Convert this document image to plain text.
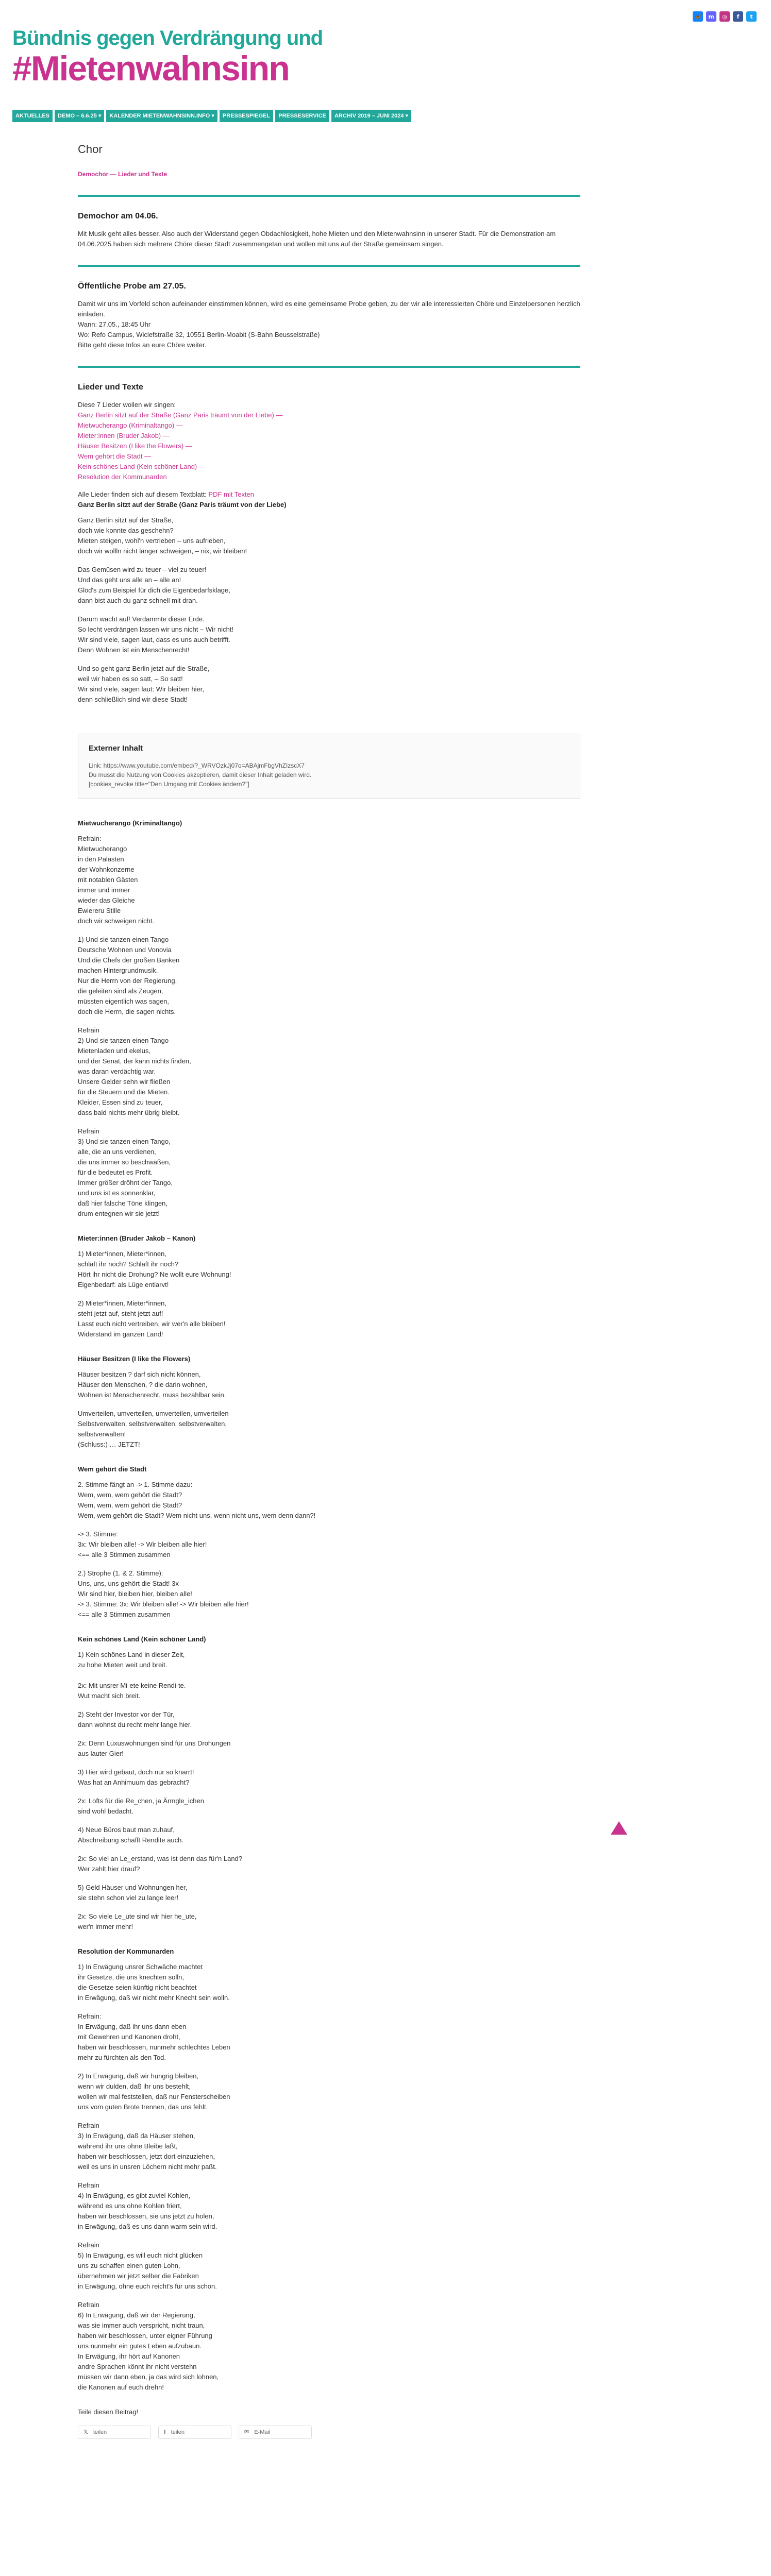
Bündnis gegen Verdrängung und
#Mietenwahnsinn
🦋	m	◎	f	t
AKTUELLES	DEMO – 6.6.25 ▾	KALENDER MIETENWAHNSINN.INFO ▾	PRESSESPIEGEL	PRESSESERVICE	ARCHIV 2019 – JUNI 2024 ▾
Chor
Demochor — Lieder und Texte
Demochor am 04.06.

Mit Musik geht alles besser. Also auch der Widerstand gegen Obdachlosigkeit, hohe Mieten und den Mietenwahnsinn in unserer Stadt. Für die Demonstration am 04.06.2025 haben sich mehrere Chöre dieser Stadt zusammengetan und wollen mit uns auf der Straße gemeinsam singen.

Öffentliche Probe am 27.05.

Damit wir uns im Vorfeld schon aufeinander einstimmen können, wird es eine gemeinsame Probe geben, zu der wir alle interessierten Chöre und Einzelpersonen herzlich einladen.

Wann: 27.05., 18:45 Uhr

Wo: Refo Campus, Wiclefstraße 32, 10551 Berlin-Moabit (S-Bahn Beusselstraße)

Bitte geht diese Infos an eure Chöre weiter.

Lieder und Texte

Diese 7 Lieder wollen wir singen:

Ganz Berlin sitzt auf der Straße (Ganz Paris träumt von der Liebe) —
Mietwucherango (Kriminaltango) —
Mieter:innen (Bruder Jakob) —
Häuser Besitzen (I like the Flowers) —
Wem gehört die Stadt —
Kein schönes Land (Kein schöner Land) —
Resolution der Kommunarden

Alle Lieder finden sich auf diesem Textblatt: PDF mit Texten

Ganz Berlin sitzt auf der Straße (Ganz Paris träumt von der Liebe)

Ganz Berlin sitzt auf der Straße,

doch wie konnte das geschehn?

Mieten steigen, wohl'n vertrieben – uns aufrieben,

doch wir wollln nicht länger schweigen, – nix, wir bleiben!

Das Gemüsen wird zu teuer – viel zu teuer!

Und das geht uns alle an – alle an!

Glöd's zum Beispiel für dich die Eigenbedarfsklage,

dann bist auch du ganz schnell mit dran.

Darum wacht auf! Verdammte dieser Erde.

So lecht verdrängen lassen wir uns nicht – Wir nicht!

Wir sind viele, sagen laut, dass es uns auch betrifft.

Denn Wohnen ist ein Menschenrecht!

Und so geht ganz Berlin jetzt auf die Straße,

weil wir haben es so satt, – So satt!

Wir sind viele, sagen laut: Wir bleiben hier,

denn schließlich sind wir diese Stadt!

Externer Inhalt

Link: https://www.youtube.com/embed/?_WRVOzkJj07o=ABAjmFbgVhZIzscX7

Du musst die Nutzung von Cookies akzeptieren, damit dieser Inhalt geladen wird.

[cookies_revoke title="Den Umgang mit Cookies ändern?"]

Mietwucherango (Kriminaltango)

Refrain:

Mietwucherango

in den Palästen

der Wohnkonzerne

mit notablen Gästen

immer und immer

wieder das Gleiche

Ewiereru Stille

doch wir schweigen nicht.

1) Und sie tanzen einen Tango

Deutsche Wohnen und Vonovia

Und die Chefs der großen Banken

machen Hintergrundmusik.

Nur die Herrn von der Regierung,

die geleiten sind als Zeugen,

müssten eigentlich was sagen,

doch die Herrn, die sagen nichts.

Refrain

2) Und sie tanzen einen Tango

Mietenladen und ekelus,

und der Senat, der kann nichts finden,

was daran verdächtig war.

Unsere Gelder sehn wir fließen

für die Steuern und die Mieten.

Kleider, Essen sind zu teuer,

dass bald nichts mehr übrig bleibt.

Refrain

3) Und sie tanzen einen Tango,

alle, die an uns verdienen,

die uns immer so beschwäßen,

für die bedeutet es Profit.

Immer größer dröhnt der Tango,

und uns ist es sonnenklar,

daß hier falsche Töne klingen,

drum entegnen wir sie jetzt!

Mieter:innen (Bruder Jakob – Kanon)

1) Mieter*innen, Mieter*innen,

schlaft ihr noch? Schlaft ihr noch?

Hört ihr nicht die Drohung? Ne wollt eure Wohnung!

Eigenbedarf: als Lüge entlarvt!

2) Mieter*innen, Mieter*innen,

steht jetzt auf, steht jetzt auf!

Lasst euch nicht vertreiben, wir wer'n alle bleiben!

Widerstand im ganzen Land!

Häuser Besitzen (I like the Flowers)

Häuser besitzen ? darf sich nicht können,

Häuser den Menschen, ? die darin wohnen,

Wohnen ist Menschenrecht, muss bezahlbar sein.

Umverteilen, umverteilen, umverteilen, umverteilen

Selbstverwalten, selbstverwalten, selbstverwalten,

selbstverwalten!

(Schluss:) … JETZT!

Wem gehört die Stadt

2. Stimme fängt an -> 1. Stimme dazu:

Wem, wem, wem gehört die Stadt?

Wem, wem, wem gehört die Stadt?

Wem, wem gehört die Stadt? Wem nicht uns, wenn nicht uns, wem denn dann?!

-> 3. Stimme:

3x: Wir bleiben alle! -> Wir bleiben alle hier!

<== alle 3 Stimmen zusammen

2.) Strophe (1. & 2. Stimme):

Uns, uns, uns gehört die Stadt! 3x

Wir sind hier, bleiben hier, bleiben alle!

-> 3. Stimme: 3x: Wir bleiben alle! -> Wir bleiben alle hier!

<== alle 3 Stimmen zusammen

Kein schönes Land (Kein schöner Land)

1) Kein schönes Land in dieser Zeit,

zu hohe Mieten weit und breit.

2x: Mit unsrer Mi-ete keine Rendi-te.

Wut macht sich breit.

2) Steht der Investor vor der Tür,

dann wohnst du recht mehr lange hier.

2x: Denn Luxuswohnungen sind für uns Drohungen

aus lauter Gier!

3) Hier wird gebaut, doch nur so knarrt!

Was hat an Anhimuum das gebracht?

2x: Lofts für die Re_chen, ja Ärmgle_ichen

sind wohl bedacht.

4) Neue Büros baut man zuhauf,

Abschreibung schafft Rendite auch.

2x: So viel an Le_erstand, was ist denn das für'n Land?

Wer zahlt hier drauf?

5) Geld Häuser und Wohnungen her,

sie stehn schon viel zu lange leer!

2x: So viele Le_ute sind wir hier he_ute,

wer'n immer mehr!

Resolution der Kommunarden

1) In Erwägung unsrer Schwäche machtet

ihr Gesetze, die uns knechten solln,

die Gesetze seien künftig nicht beachtet

in Erwägung, daß wir nicht mehr Knecht sein wolln.

Refrain:

In Erwägung, daß ihr uns dann eben

mit Gewehren und Kanonen droht,

haben wir beschlossen, nunmehr schlechtes Leben

mehr zu fürchten als den Tod.

2) In Erwägung, daß wir hungrig bleiben,

wenn wir dulden, daß ihr uns bestehlt,

wollen wir mal feststellen, daß nur Fensterscheiben

uns vom guten Brote trennen, das uns fehlt.

Refrain

3) In Erwägung, daß da Häuser stehen,

während ihr uns ohne Bleibe laßt,

haben wir beschlossen, jetzt dort einzuziehen,

weil es uns in unsren Löchern nicht mehr paßt.

Refrain

4) In Erwägung, es gibt zuviel Kohlen,

während es uns ohne Kohlen friert,

haben wir beschlossen, sie uns jetzt zu holen,

in Erwägung, daß es uns dann warm sein wird.

Refrain

5) In Erwägung, es will euch nicht glücken

uns zu schaffen einen guten Lohn,

übernehmen wir jetzt selber die Fabriken

in Erwägung, ohne euch reicht's für uns schon.

Refrain

6) In Erwägung, daß wir der Regierung,

was sie immer auch verspricht, nicht traun,

haben wir beschlossen, unter eigner Führung

uns nunmehr ein gutes Leben aufzubaun.

In Erwägung, ihr hört auf Kanonen

andre Sprachen könnt ihr nicht verstehn

müssen wir dann eben, ja das wird sich lohnen,

die Kanonen auf euch drehn!

Teile diesen Beitrag!

𝕏 teilen	f teilen	✉ E-Mail
